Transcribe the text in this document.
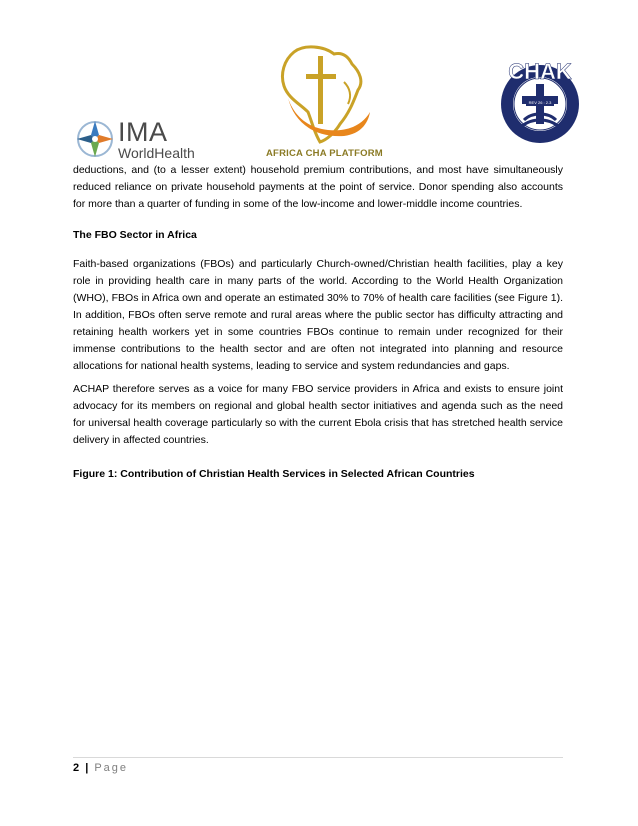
IMA
WorldHealth	AFRICA CHA PLATFORM
CHAK
REV 26 : 2.3

deductions, and (to a lesser extent) household premium contributions, and most have simultaneously reduced reliance on private household payments at the point of service. Donor spending also accounts for more than a quarter of funding in some of the low-income and lower-middle income countries.

The FBO Sector in Africa

Faith-based organizations (FBOs) and particularly Church-owned/Christian health facilities, play a key role in providing health care in many parts of the world. According to the World Health Organization (WHO), FBOs in Africa own and operate an estimated 30% to 70% of health care facilities (see Figure 1). In addition, FBOs often serve remote and rural areas where the public sector has difficulty attracting and retaining health workers yet in some countries FBOs continue to remain under recognized for their immense contributions to the health sector and are often not integrated into planning and resource allocations for national health systems, leading to service and system redundancies and gaps.

ACHAP therefore serves as a voice for many FBO service providers in Africa and exists to ensure joint advocacy for its members on regional and global health sector initiatives and agenda such as the need for universal health coverage particularly so with the current Ebola crisis that has stretched health service delivery in affected countries.

Figure 1: Contribution of Christian Health Services in Selected African Countries
2 | Page
